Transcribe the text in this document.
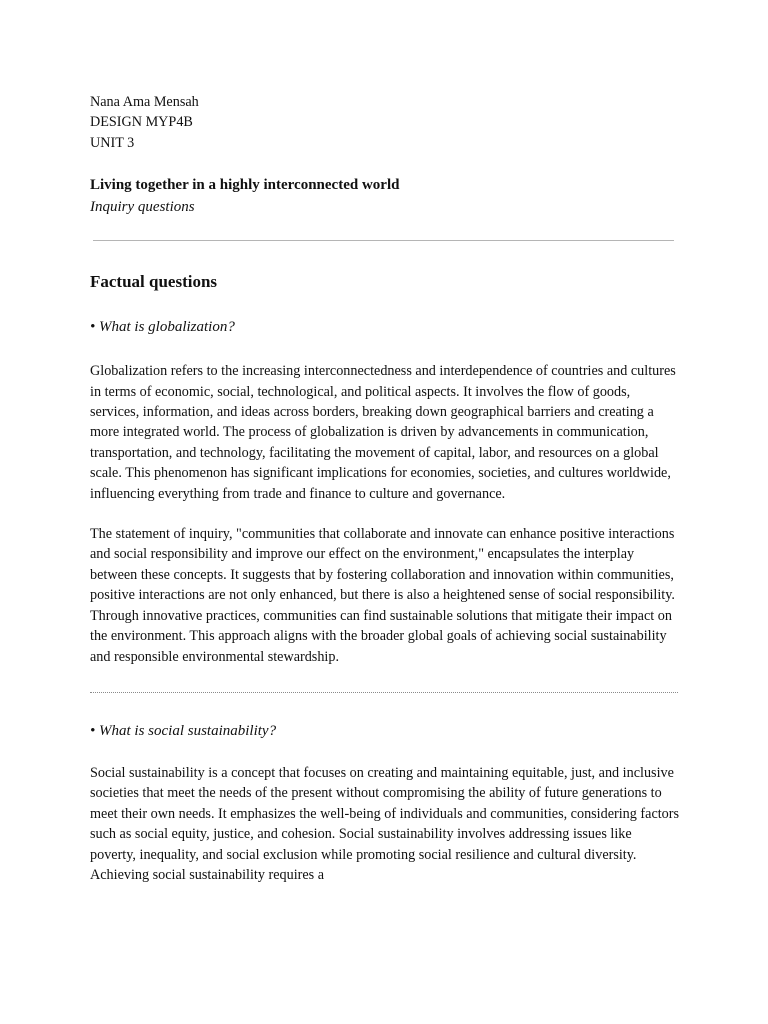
Nana Ama Mensah
DESIGN MYP4B
UNIT 3
Living together in a highly interconnected world
Inquiry questions
Factual questions
• What is globalization?

Globalization refers to the increasing interconnectedness and interdependence of countries and cultures in terms of economic, social, technological, and political aspects. It involves the flow of goods, services, information, and ideas across borders, breaking down geographical barriers and creating a more integrated world. The process of globalization is driven by advancements in communication, transportation, and technology, facilitating the movement of capital, labor, and resources on a global scale. This phenomenon has significant implications for economies, societies, and cultures worldwide, influencing everything from trade and finance to culture and governance.

The statement of inquiry, "communities that collaborate and innovate can enhance positive interactions and social responsibility and improve our effect on the environment," encapsulates the interplay between these concepts. It suggests that by fostering collaboration and innovation within communities, positive interactions are not only enhanced, but there is also a heightened sense of social responsibility. Through innovative practices, communities can find sustainable solutions that mitigate their impact on the environment. This approach aligns with the broader global goals of achieving social sustainability and responsible environmental stewardship.

• What is social sustainability?

Social sustainability is a concept that focuses on creating and maintaining equitable, just, and inclusive societies that meet the needs of the present without compromising the ability of future generations to meet their own needs. It emphasizes the well-being of individuals and communities, considering factors such as social equity, justice, and cohesion. Social sustainability involves addressing issues like poverty, inequality, and social exclusion while promoting social resilience and cultural diversity. Achieving social sustainability requires a
